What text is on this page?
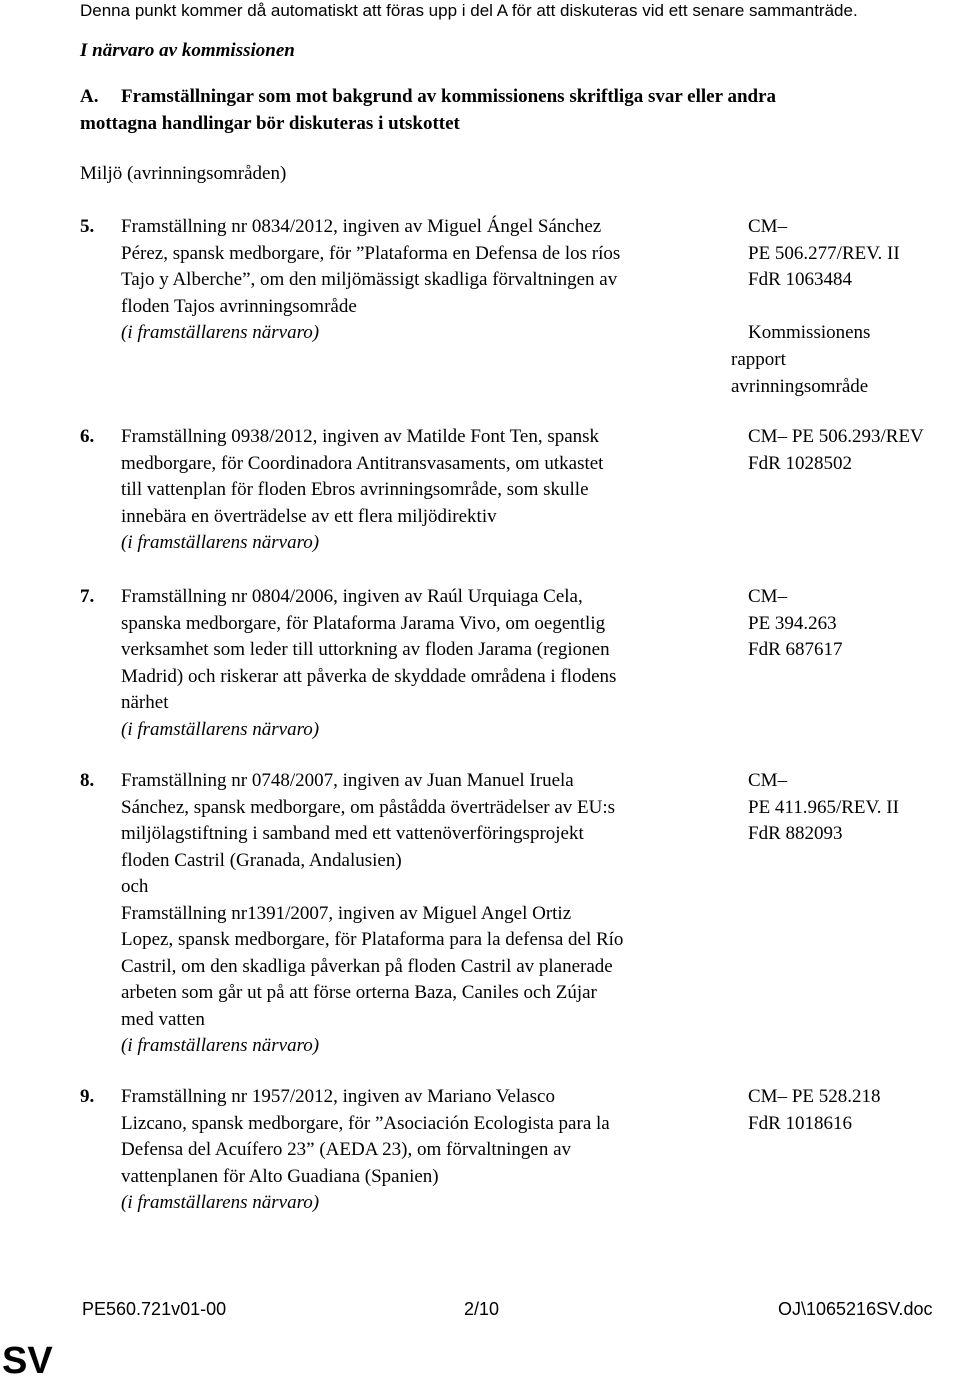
Denna punkt kommer då automatiskt att föras upp i del A för att diskuteras vid ett senare sammanträde.
I närvaro av kommissionen
A. Framställningar som mot bakgrund av kommissionens skriftliga svar eller andra
mottagna handlingar bör diskuteras i utskottet
Miljö (avrinningsområden)
5. Framställning nr 0834/2012, ingiven av Miguel Ángel Sánchez
Pérez, spansk medborgare, för ”Plataforma en Defensa de los ríos
Tajo y Alberche”, om den miljömässigt skadliga förvaltningen av
floden Tajos avrinningsområde
(i framställarens närvaro)
CM–
PE 506.277/REV. II
FdR 1063484
Kommissionens
rapport
avrinningsområde
6. Framställning 0938/2012, ingiven av Matilde Font Ten, spansk
medborgare, för Coordinadora Antitransvasaments, om utkastet
till vattenplan för floden Ebros avrinningsområde, som skulle
innebära en överträdelse av ett flera miljödirektiv
(i framställarens närvaro)
CM– PE 506.293/REV
FdR 1028502
7. Framställning nr 0804/2006, ingiven av Raúl Urquiaga Cela,
spanska medborgare, för Plataforma Jarama Vivo, om oegentlig
verksamhet som leder till uttorkning av floden Jarama (regionen
Madrid) och riskerar att påverka de skyddade områdena i flodens
närhet
(i framställarens närvaro)
CM–
PE 394.263
FdR 687617
8. Framställning nr 0748/2007, ingiven av Juan Manuel Iruela
Sánchez, spansk medborgare, om påstådda överträdelser av EU:s
miljölagstiftning i samband med ett vattenöverföringsprojekt
floden Castril (Granada, Andalusien)
och
Framställning nr1391/2007, ingiven av Miguel Angel Ortiz
Lopez, spansk medborgare, för Plataforma para la defensa del Río
Castril, om den skadliga påverkan på floden Castril av planerade
arbeten som går ut på att förse orterna Baza, Caniles och Zújar
med vatten
(i framställarens närvaro)
CM–
PE 411.965/REV. II
FdR 882093
9. Framställning nr 1957/2012, ingiven av Mariano Velasco
Lizcano, spansk medborgare, för ”Asociación Ecologista para la
Defensa del Acuífero 23” (AEDA 23), om förvaltningen av
vattenplanen för Alto Guadiana (Spanien)
(i framställarens närvaro)
CM– PE 528.218
FdR 1018616
PE560.721v01-00	2/10	OJ\1065216SV.doc
SV
